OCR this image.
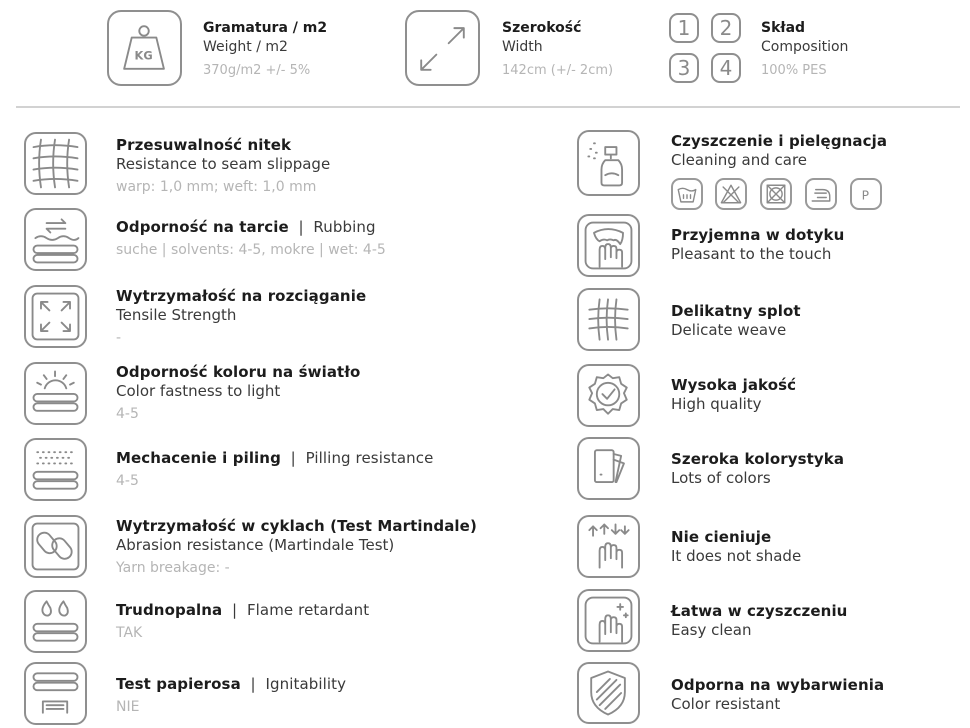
KG
Gramatura / m2
Weight / m2
370g/m2 +/- 5%
Szerokość
Width
142cm (+/- 2cm)
1	2
3	4
Skład
Composition
100% PES
Przesuwalność nitek
Resistance to seam slippage
warp: 1,0 mm; weft: 1,0 mm
Odporność na tarcie  |  Rubbing
suche | solvents: 4-5, mokre | wet: 4-5
Wytrzymałość na rozciąganie
Tensile Strength
-
Odporność koloru na światło
Color fastness to light
4-5
Mechacenie i piling  |  Pilling resistance
4-5
Wytrzymałość w cyklach (Test Martindale)
Abrasion resistance (Martindale Test)
Yarn breakage: -
Trudnopalna  |  Flame retardant
TAK
Test papierosa  |  Ignitability
NIE
Czyszczenie i pielęgnacja
Cleaning and care
P
Przyjemna w dotyku
Pleasant to the touch
Delikatny splot
Delicate weave
Wysoka jakość
High quality
Szeroka kolorystyka
Lots of colors
Nie cieniuje
It does not shade
Łatwa w czyszczeniu
Easy clean
Odporna na wybarwienia
Color resistant
